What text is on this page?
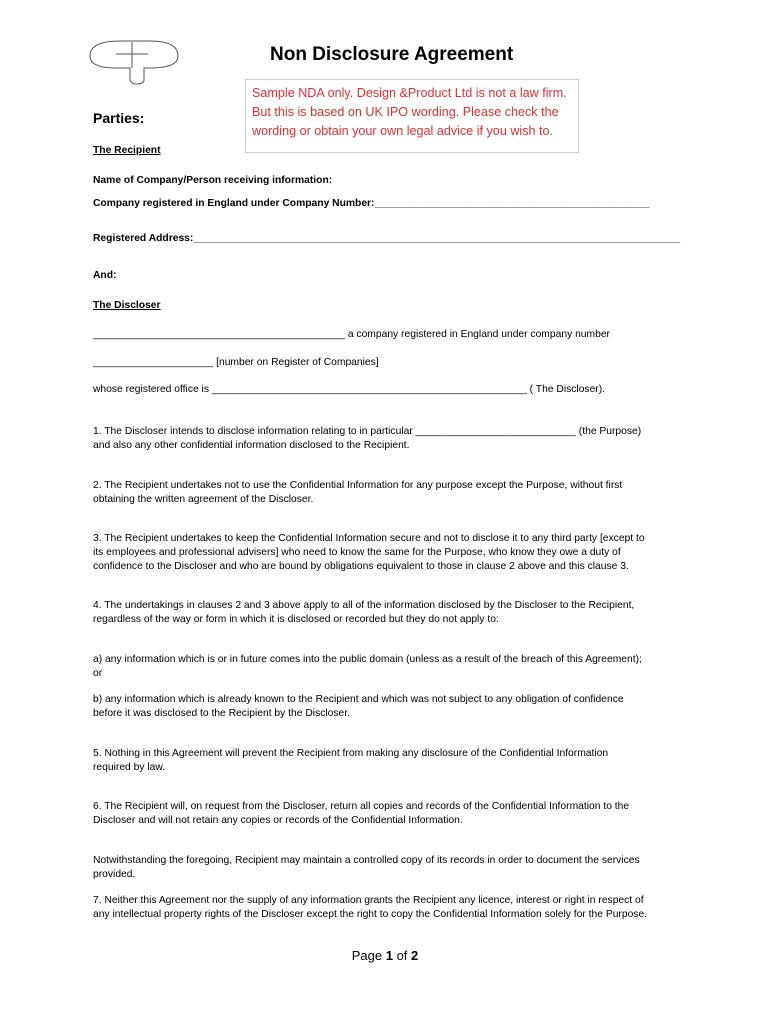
Non Disclosure Agreement
Sample NDA only. Design &Product Ltd is not a law firm.
But this is based on UK IPO wording. Please check the
wording or obtain your own legal advice if you wish to.
Parties:
The Recipient
Name of Company/Person receiving information:
Company registered in England under Company Number:________________________________________________
Registered Address:_____________________________________________________________________________________
And:
The Discloser
____________________________________________ a company registered in England under company number
_____________________ [number on Register of Companies]
whose registered office is _______________________________________________________ ( The Discloser).
1. The Discloser intends to disclose information relating to in particular ____________________________ (the Purpose)
and also any other confidential information disclosed to the Recipient.
2. The Recipient undertakes not to use the Confidential Information for any purpose except the Purpose, without first
obtaining the written agreement of the Discloser.
3. The Recipient undertakes to keep the Confidential Information secure and not to disclose it to any third party [except to
its employees and professional advisers] who need to know the same for the Purpose, who know they owe a duty of
confidence to the Discloser and who are bound by obligations equivalent to those in clause 2 above and this clause 3.
4. The undertakings in clauses 2 and 3 above apply to all of the information disclosed by the Discloser to the Recipient,
regardless of the way or form in which it is disclosed or recorded but they do not apply to:
a) any information which is or in future comes into the public domain (unless as a result of the breach of this Agreement);
or
b) any information which is already known to the Recipient and which was not subject to any obligation of confidence
before it was disclosed to the Recipient by the Discloser.
5. Nothing in this Agreement will prevent the Recipient from making any disclosure of the Confidential Information
required by law.
6. The Recipient will, on request from the Discloser, return all copies and records of the Confidential Information to the
Discloser and will not retain any copies or records of the Confidential Information.
Notwithstanding the foregoing, Recipient may maintain a controlled copy of its records in order to document the services
provided.
7. Neither this Agreement nor the supply of any information grants the Recipient any licence, interest or right in respect of
any intellectual property rights of the Discloser except the right to copy the Confidential Information solely for the Purpose.
Page 1 of 2
